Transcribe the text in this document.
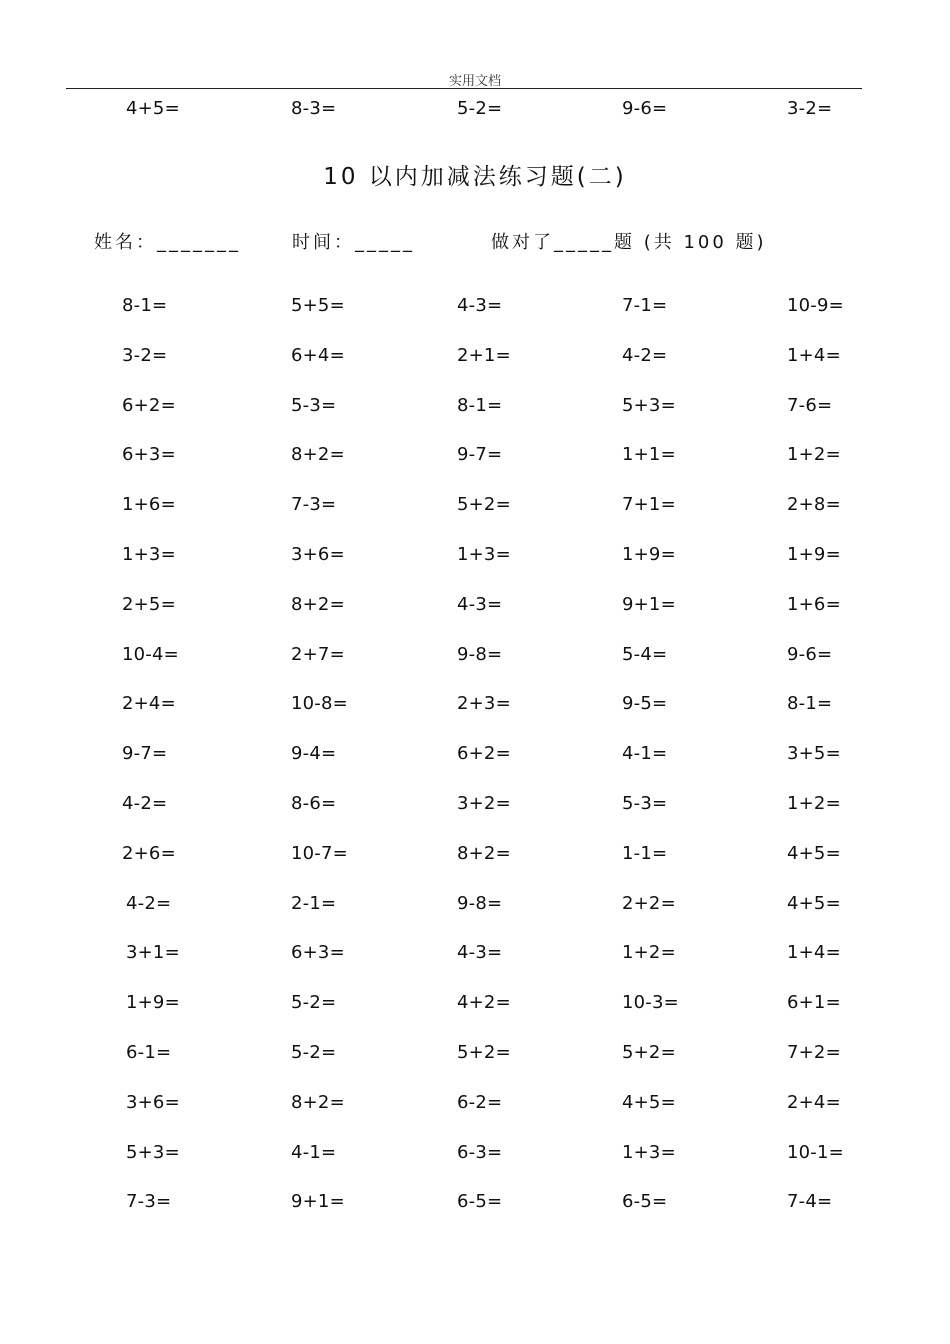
实用文档
4+5=	8-3=	5-2=	9-6=	3-2=
10 以内加减法练习题(二)
姓名：_______	时间：_____	做对了_____题 (共 100 题)
8-1=	5+5=	4-3=	7-1=	10-9=
3-2=	6+4=	2+1=	4-2=	1+4=
6+2=	5-3=	8-1=	5+3=	7-6=
6+3=	8+2=	9-7=	1+1=	1+2=
1+6=	7-3=	5+2=	7+1=	2+8=
1+3=	3+6=	1+3=	1+9=	1+9=
2+5=	8+2=	4-3=	9+1=	1+6=
10-4=	2+7=	9-8=	5-4=	9-6=
2+4=	10-8=	2+3=	9-5=	8-1=
9-7=	9-4=	6+2=	4-1=	3+5=
4-2=	8-6=	3+2=	5-3=	1+2=
2+6=	10-7=	8+2=	1-1=	4+5=
4-2=	2-1=	9-8=	2+2=	4+5=
3+1=	6+3=	4-3=	1+2=	1+4=
1+9=	5-2=	4+2=	10-3=	6+1=
6-1=	5-2=	5+2=	5+2=	7+2=
3+6=	8+2=	6-2=	4+5=	2+4=
5+3=	4-1=	6-3=	1+3=	10-1=
7-3=	9+1=	6-5=	6-5=	7-4=
